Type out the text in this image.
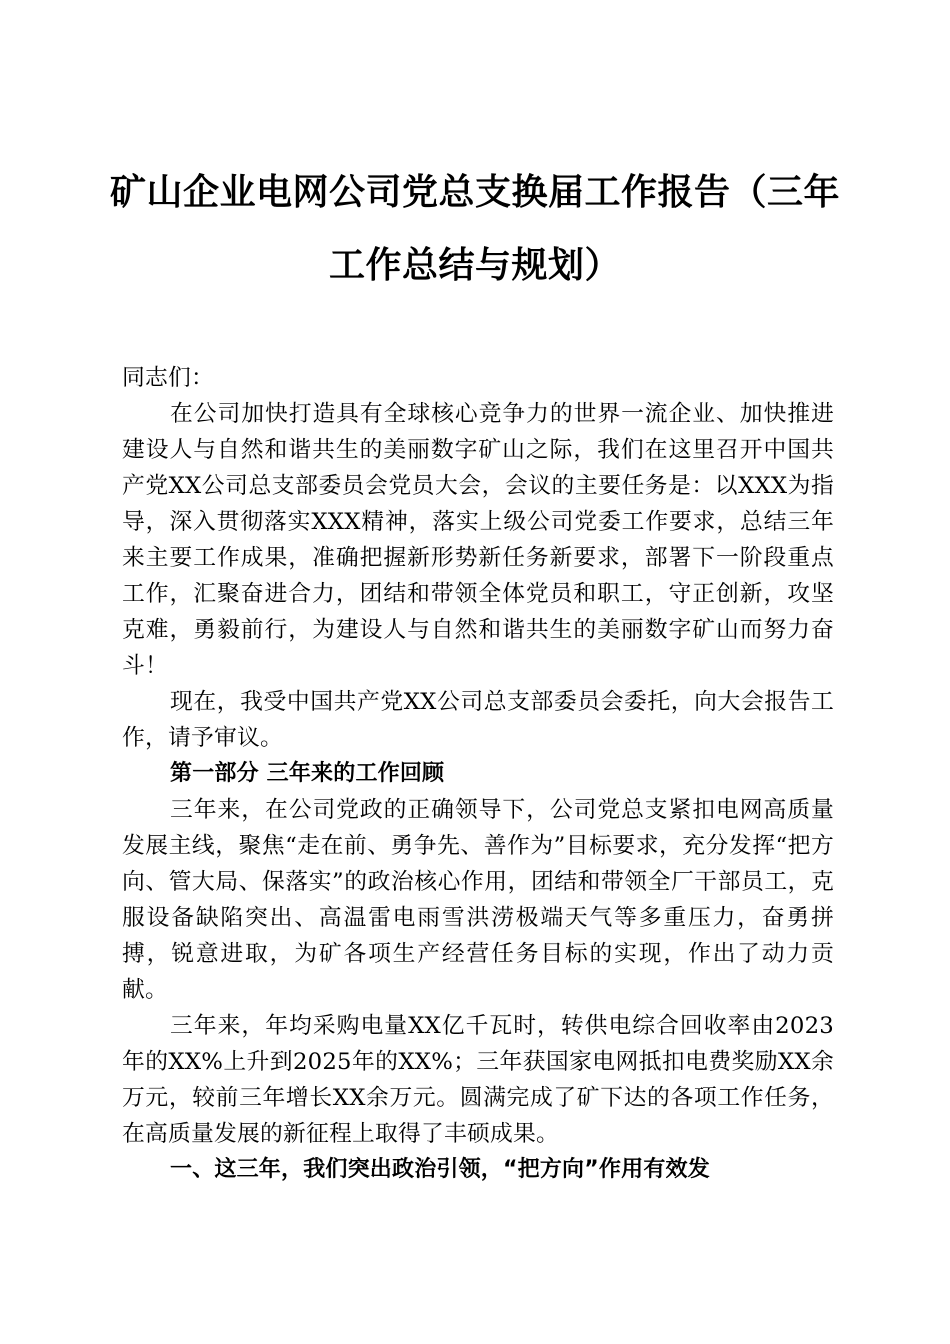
矿山企业电网公司党总支换届工作报告（三年
工作总结与规划）

同志们：

在公司加快打造具有全球核心竞争力的世界一流企业、加快推进建设人与自然和谐共生的美丽数字矿山之际，我们在这里召开中国共产党XX公司总支部委员会党员大会，会议的主要任务是：以XXX为指导，深入贯彻落实XXX精神，落实上级公司党委工作要求，总结三年来主要工作成果，准确把握新形势新任务新要求，部署下一阶段重点工作，汇聚奋进合力，团结和带领全体党员和职工，守正创新，攻坚克难，勇毅前行，为建设人与自然和谐共生的美丽数字矿山而努力奋斗！

现在，我受中国共产党XX公司总支部委员会委托，向大会报告工作，请予审议。

第一部分 三年来的工作回顾

三年来，在公司党政的正确领导下，公司党总支紧扣电网高质量发展主线，聚焦“走在前、勇争先、善作为”目标要求，充分发挥“把方向、管大局、保落实”的政治核心作用，团结和带领全厂干部员工，克服设备缺陷突出、高温雷电雨雪洪涝极端天气等多重压力，奋勇拼搏，锐意进取，为矿各项生产经营任务目标的实现，作出了动力贡献。

三年来，年均采购电量XX亿千瓦时，转供电综合回收率由2023年的XX%上升到2025年的XX%；三年获国家电网抵扣电费奖励XX余万元，较前三年增长XX余万元。圆满完成了矿下达的各项工作任务，在高质量发展的新征程上取得了丰硕成果。

一、这三年，我们突出政治引领，“把方向”作用有效发
